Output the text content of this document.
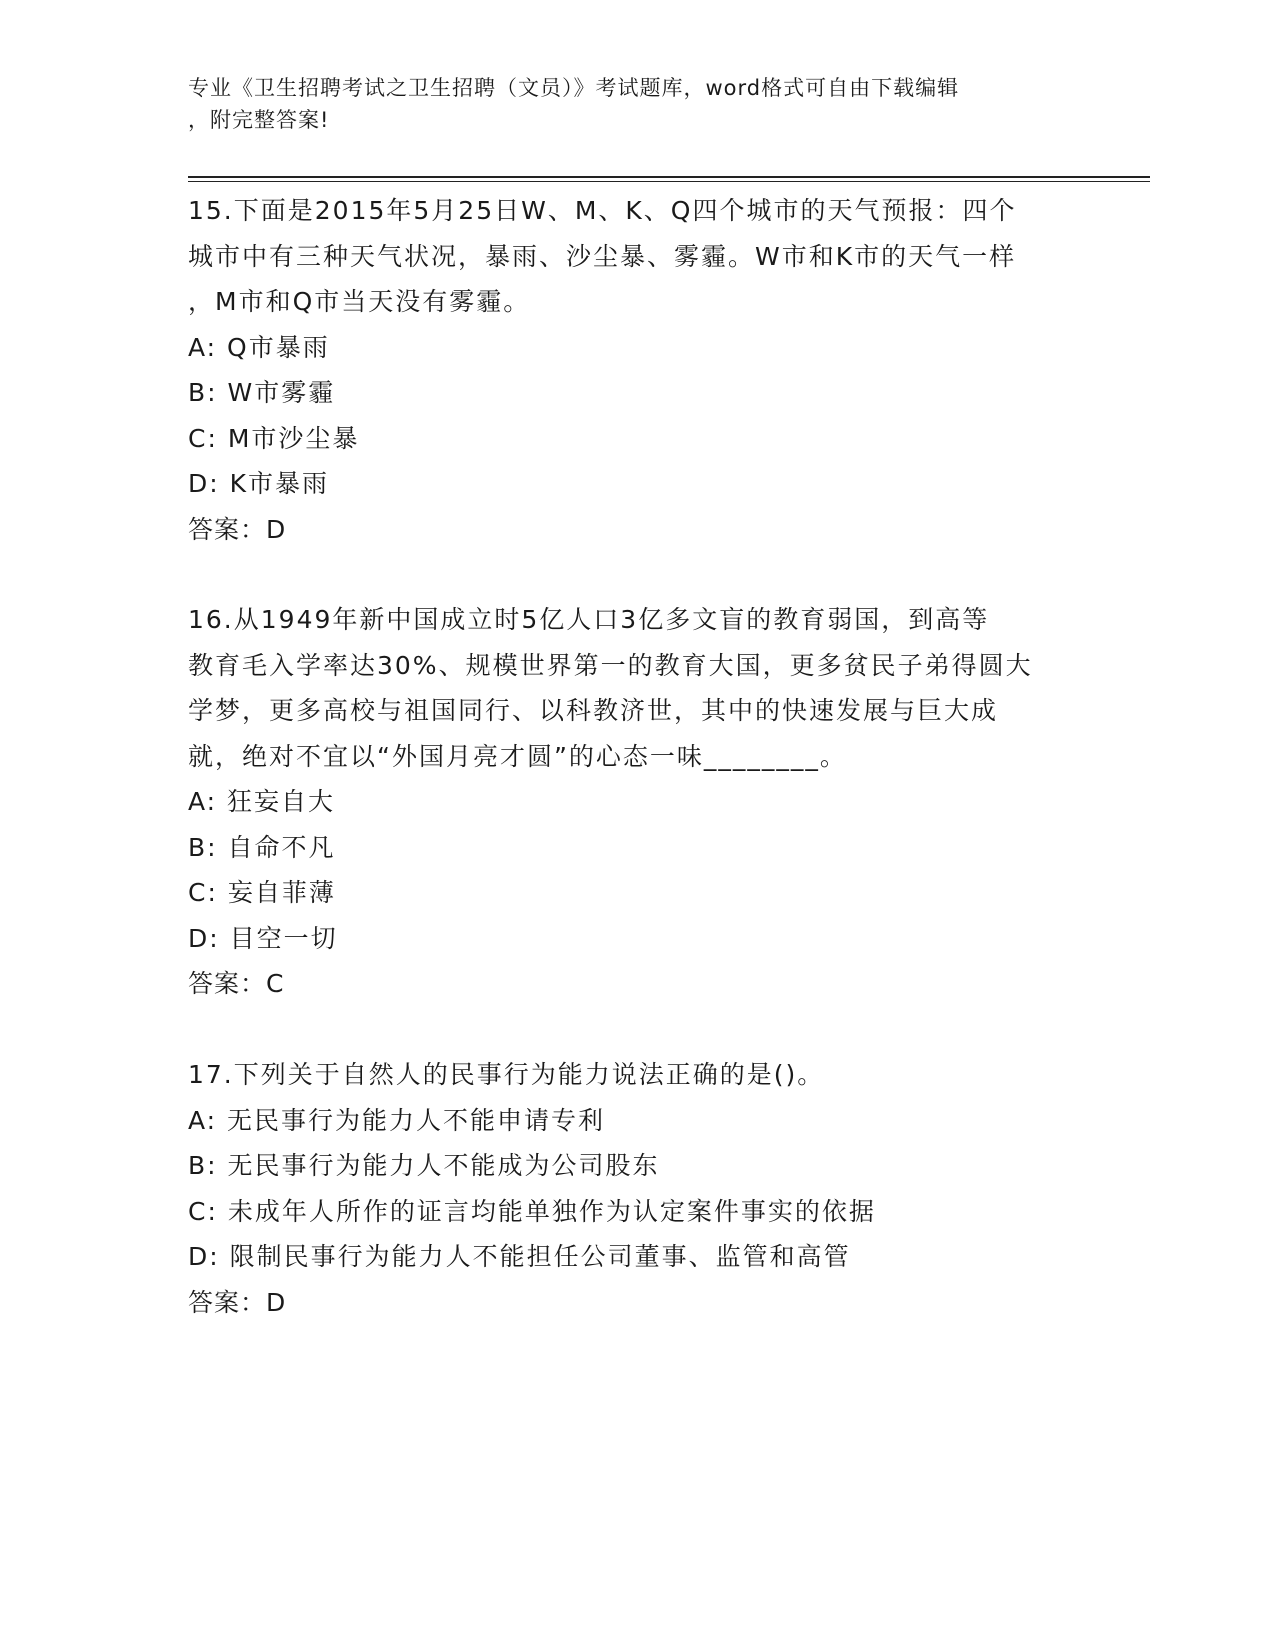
专业《卫生招聘考试之卫生招聘（文员）》考试题库，word格式可自由下载编辑
，附完整答案!

15.下面是2015年5月25日W、M、K、Q四个城市的天气预报：四个

城市中有三种天气状况，暴雨、沙尘暴、雾霾。W市和K市的天气一样

，M市和Q市当天没有雾霾。

A: Q市暴雨

B: W市雾霾

C: M市沙尘暴

D: K市暴雨

答案：D

16.从1949年新中国成立时5亿人口3亿多文盲的教育弱国，到高等

教育毛入学率达30%、规模世界第一的教育大国，更多贫民子弟得圆大

学梦，更多高校与祖国同行、以科教济世，其中的快速发展与巨大成

就，绝对不宜以“外国月亮才圆”的心态一味________。

A: 狂妄自大

B: 自命不凡

C: 妄自菲薄

D: 目空一切

答案：C

17.下列关于自然人的民事行为能力说法正确的是()。

A: 无民事行为能力人不能申请专利

B: 无民事行为能力人不能成为公司股东

C: 未成年人所作的证言均能单独作为认定案件事实的依据

D: 限制民事行为能力人不能担任公司董事、监管和高管

答案：D
